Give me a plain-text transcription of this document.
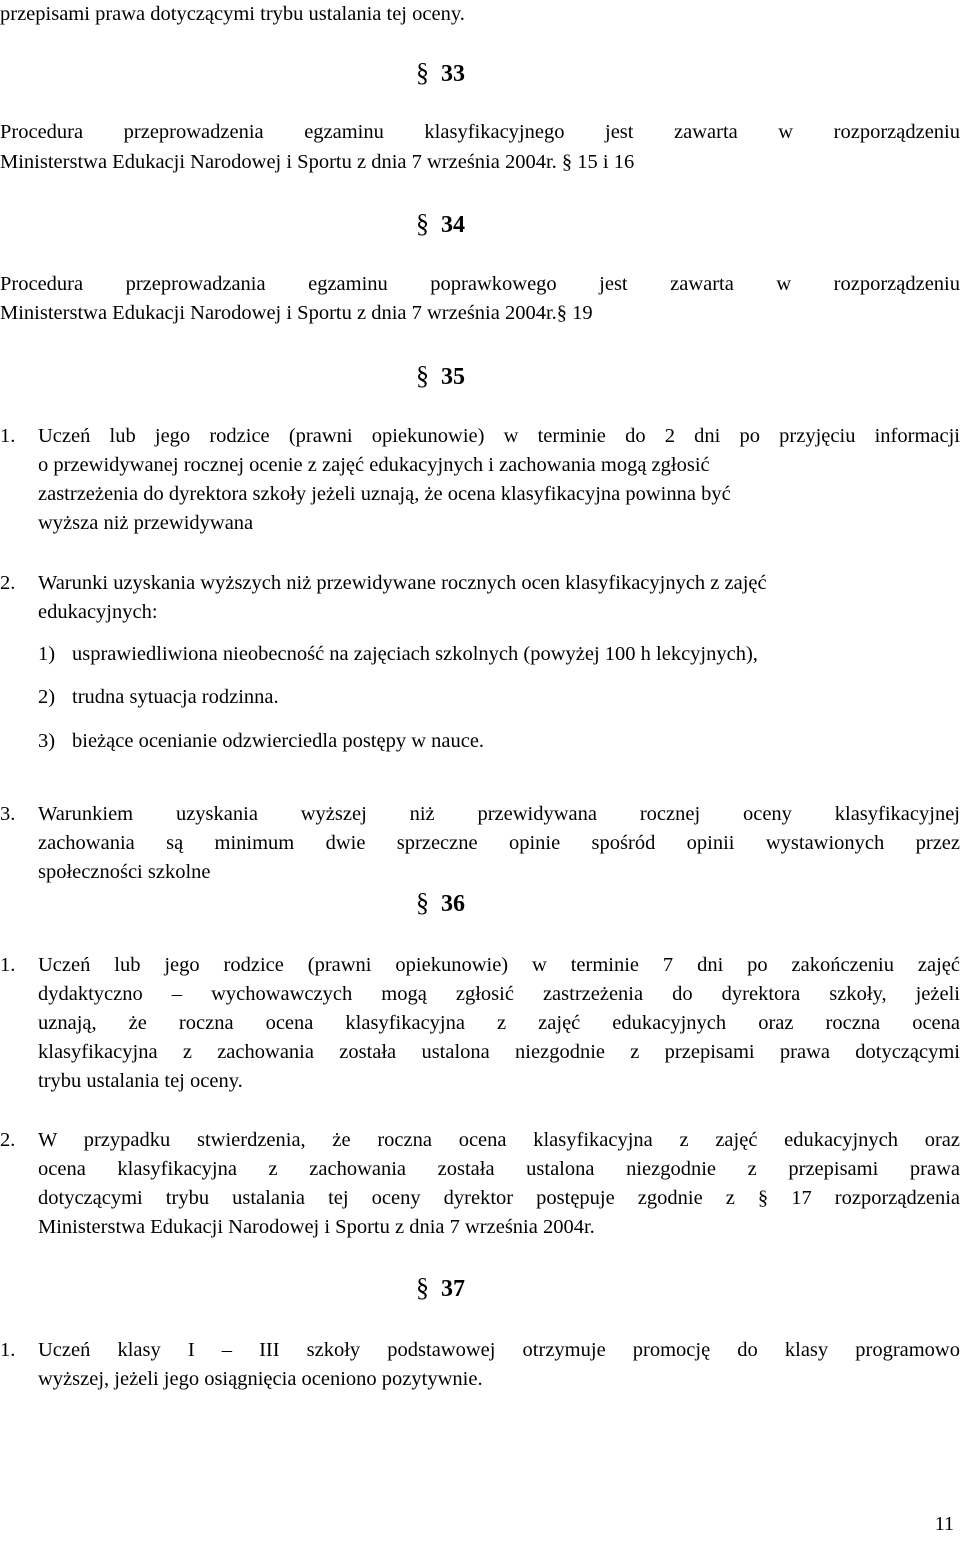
przepisami prawa dotyczącymi trybu ustalania tej oceny.
§ 33
Procedura przeprowadzenia egzaminu klasyfikacyjnego jest zawarta w rozporządzeniu
Ministerstwa Edukacji Narodowej i Sportu z dnia 7 września 2004r. § 15 i 16
§ 34
Procedura przeprowadzania egzaminu poprawkowego jest zawarta w rozporządzeniu
Ministerstwa Edukacji Narodowej i Sportu z dnia 7 września 2004r.§ 19
§ 35
1. Uczeń lub jego rodzice (prawni opiekunowie) w terminie do 2 dni po przyjęciu informacji
o przewidywanej rocznej ocenie z zajęć edukacyjnych i zachowania mogą zgłosić
zastrzeżenia do dyrektora szkoły jeżeli uznają, że ocena klasyfikacyjna powinna być
wyższa niż przewidywana
2. Warunki uzyskania wyższych niż przewidywane rocznych ocen klasyfikacyjnych z zajęć
edukacyjnych:
1) usprawiedliwiona nieobecność na zajęciach szkolnych (powyżej 100 h lekcyjnych),
2) trudna sytuacja rodzinna.
3) bieżące ocenianie odzwierciedla postępy w nauce.
3. Warunkiem uzyskania wyższej niż przewidywana rocznej oceny klasyfikacyjnej
zachowania są minimum dwie sprzeczne opinie spośród opinii wystawionych przez
społeczności szkolne
§ 36
1. Uczeń lub jego rodzice (prawni opiekunowie) w terminie 7 dni po zakończeniu zajęć
dydaktyczno – wychowawczych mogą zgłosić zastrzeżenia do dyrektora szkoły, jeżeli
uznają, że roczna ocena klasyfikacyjna z zajęć edukacyjnych oraz roczna ocena
klasyfikacyjna z zachowania została ustalona niezgodnie z przepisami prawa dotyczącymi
trybu ustalania tej oceny.
2. W przypadku stwierdzenia, że roczna ocena klasyfikacyjna z zajęć edukacyjnych oraz
ocena klasyfikacyjna z zachowania została ustalona niezgodnie z przepisami prawa
dotyczącymi trybu ustalania tej oceny dyrektor postępuje zgodnie z § 17 rozporządzenia
Ministerstwa Edukacji Narodowej i Sportu z dnia 7 września 2004r.
§ 37
1. Uczeń klasy I – III szkoły podstawowej otrzymuje promocję do klasy programowo
wyższej, jeżeli jego osiągnięcia oceniono pozytywnie.
11
